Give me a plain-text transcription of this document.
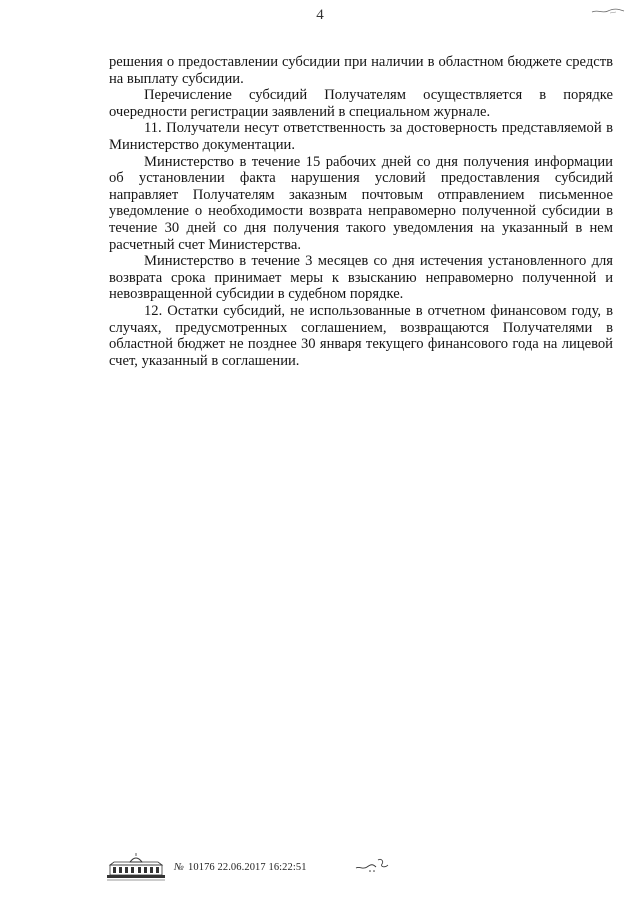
4

решения о предоставлении субсидии при наличии в областном бюджете средств на выплату субсидии.

Перечисление субсидий Получателям осуществляется в порядке очередности регистрации заявлений в специальном журнале.

11. Получатели несут ответственность за достоверность представляемой в Министерство документации.

Министерство в течение 15 рабочих дней со дня получения информации об установлении факта нарушения условий предоставления субсидий направляет Получателям заказным почтовым отправлением письменное уведомление о необходимости возврата неправомерно полученной субсидии в течение 30 дней со дня получения такого уведомления на указанный в нем расчетный счет Министерства.

Министерство в течение 3 месяцев со дня истечения установленного для возврата срока принимает меры к взысканию неправомерно полученной и невозвращенной субсидии в судебном порядке.

12. Остатки субсидий, не использованные в отчетном финансовом году, в случаях, предусмотренных соглашением, возвращаются Получателями в областной бюджет не позднее 30 января текущего финансового года на лицевой счет, указанный в соглашении.

№ 10176 22.06.2017 16:22:51
